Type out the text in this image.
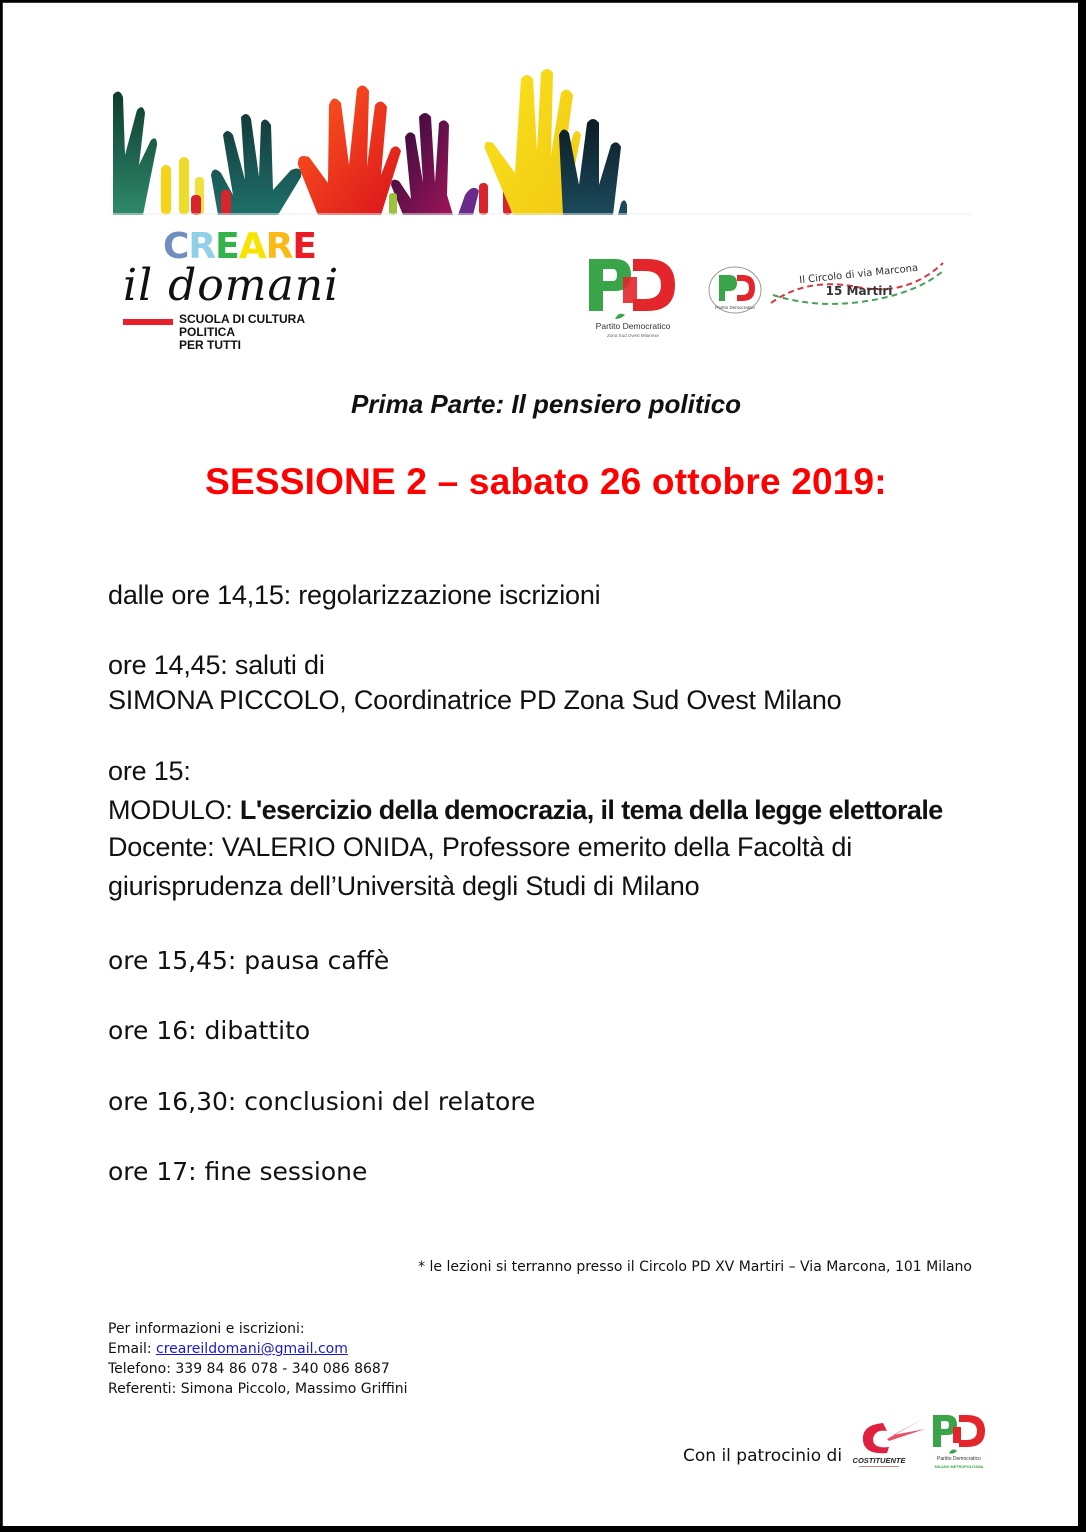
CREARE
il domani
SCUOLA DI CULTURA POLITICA
PER TUTTI
Partito Democratico
Zona Sud Ovest Milanese
Partito Democratico
Il Circolo di via Marcona
15 Martiri
Prima Parte: Il pensiero politico
SESSIONE 2 – sabato 26 ottobre 2019:
dalle ore 14,15: regolarizzazione iscrizioni
ore 14,45: saluti di
SIMONA PICCOLO, Coordinatrice PD Zona Sud Ovest Milano
ore 15:
MODULO: L'esercizio della democrazia, il tema della legge elettorale
Docente: VALERIO ONIDA, Professore emerito della Facoltà di
giurisprudenza dell’Università degli Studi di Milano
ore 15,45: pausa caffè
ore 16: dibattito
ore 16,30: conclusioni del relatore
ore 17: fine sessione
* le lezioni si terranno presso il Circolo PD XV Martiri – Via Marcona, 101 Milano
Per informazioni e iscrizioni:
Email: creareildomani@gmail.com
Telefono: 339 84 86 078 - 340 086 8687
Referenti: Simona Piccolo, Massimo Griffini
Con il patrocinio di COSTITUENTE	Partito Democratico
MILANO METROPOLITANA
